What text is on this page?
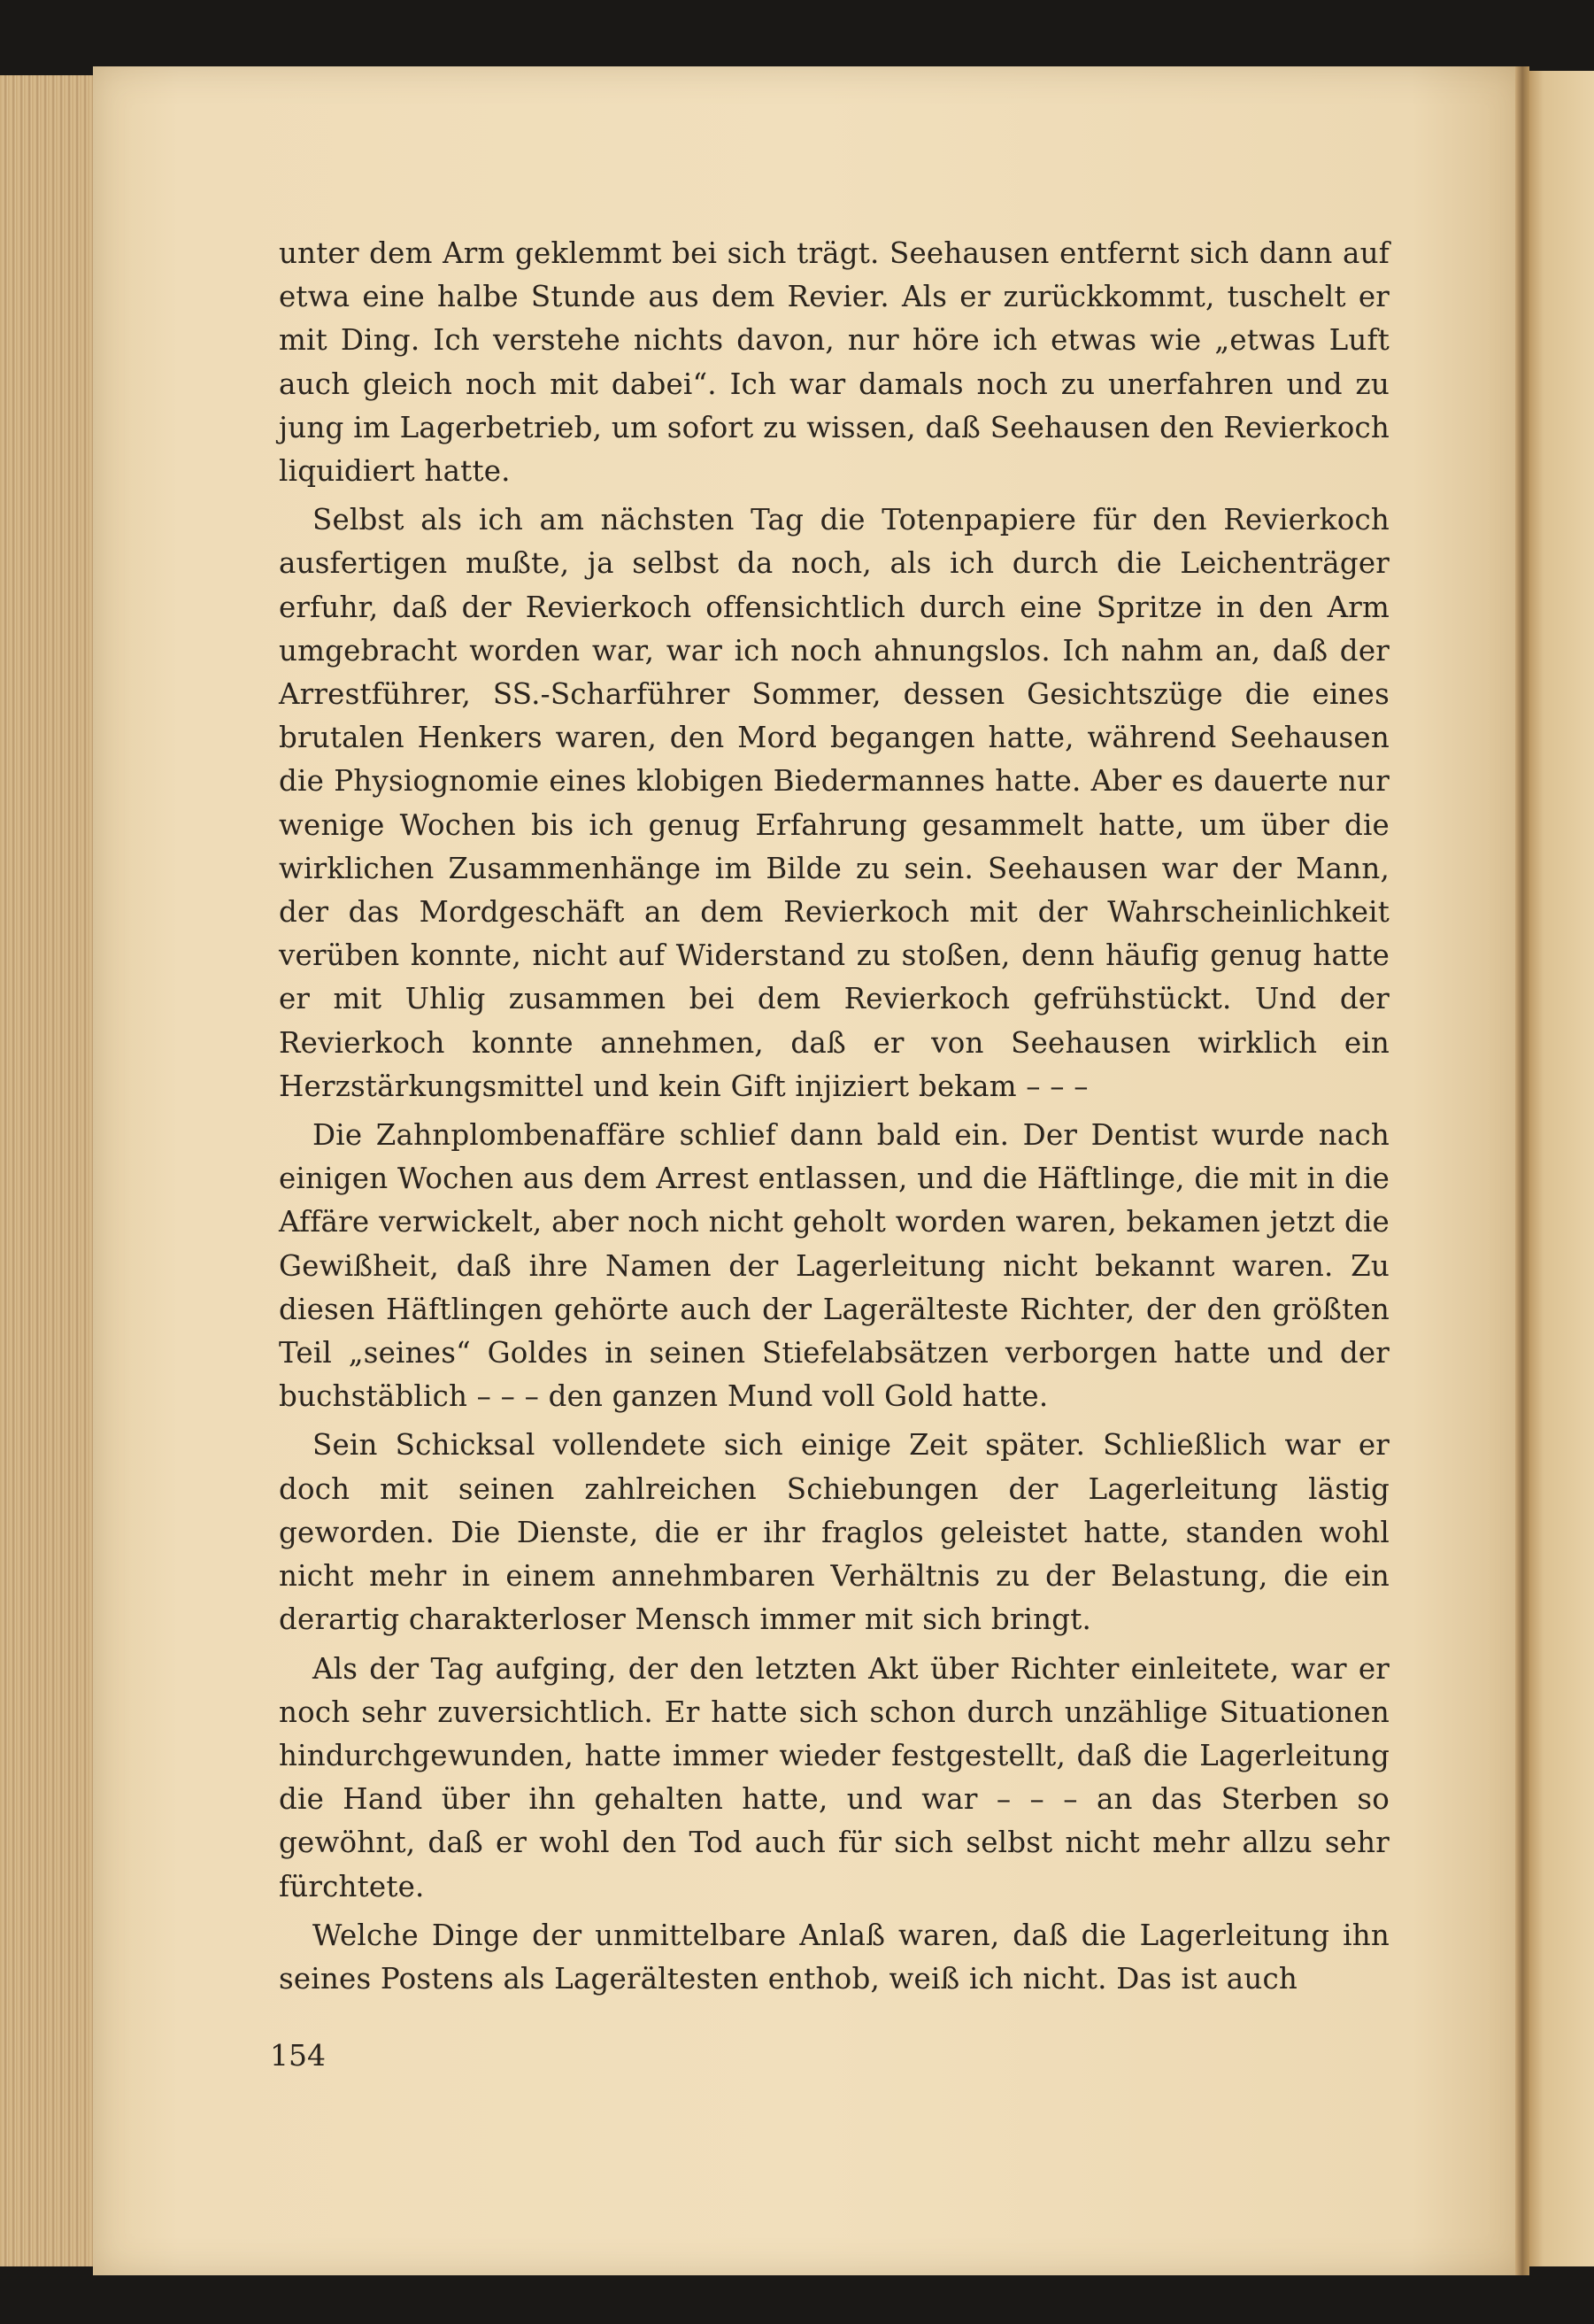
unter dem Arm geklemmt bei sich trägt. Seehausen entfernt sich dann auf etwa eine halbe Stunde aus dem Revier. Als er zurückkommt, tuschelt er mit Ding. Ich verstehe nichts davon, nur höre ich etwas wie „etwas Luft auch gleich noch mit dabei“. Ich war damals noch zu unerfahren und zu jung im Lagerbetrieb, um sofort zu wissen, daß Seehausen den Revierkoch liquidiert hatte.

Selbst als ich am nächsten Tag die Totenpapiere für den Revierkoch ausfertigen mußte, ja selbst da noch, als ich durch die Leichenträger erfuhr, daß der Revierkoch offensichtlich durch eine Spritze in den Arm umgebracht worden war, war ich noch ahnungslos. Ich nahm an, daß der Arrestführer, SS.-Scharführer Sommer, dessen Gesichtszüge die eines brutalen Henkers waren, den Mord begangen hatte, während Seehausen die Physiognomie eines klobigen Biedermannes hatte. Aber es dauerte nur wenige Wochen bis ich genug Erfahrung gesammelt hatte, um über die wirklichen Zusammenhänge im Bilde zu sein. Seehausen war der Mann, der das Mordgeschäft an dem Revierkoch mit der Wahrscheinlichkeit verüben konnte, nicht auf Widerstand zu stoßen, denn häufig genug hatte er mit Uhlig zusammen bei dem Revierkoch gefrühstückt. Und der Revierkoch konnte annehmen, daß er von Seehausen wirklich ein Herzstärkungsmittel und kein Gift injiziert bekam – – –

Die Zahnplombenaffäre schlief dann bald ein. Der Dentist wurde nach einigen Wochen aus dem Arrest entlassen, und die Häftlinge, die mit in die Affäre verwickelt, aber noch nicht geholt worden waren, bekamen jetzt die Gewißheit, daß ihre Namen der Lagerleitung nicht bekannt waren. Zu diesen Häftlingen gehörte auch der Lagerälteste Richter, der den größten Teil „seines“ Goldes in seinen Stiefelabsätzen verborgen hatte und der buchstäblich – – – den ganzen Mund voll Gold hatte.

Sein Schicksal vollendete sich einige Zeit später. Schließlich war er doch mit seinen zahlreichen Schiebungen der Lagerleitung lästig geworden. Die Dienste, die er ihr fraglos geleistet hatte, standen wohl nicht mehr in einem annehmbaren Verhältnis zu der Belastung, die ein derartig charakterloser Mensch immer mit sich bringt.

Als der Tag aufging, der den letzten Akt über Richter einleitete, war er noch sehr zuversichtlich. Er hatte sich schon durch unzählige Situationen hindurchgewunden, hatte immer wieder festgestellt, daß die Lagerleitung die Hand über ihn gehalten hatte, und war – – – an das Sterben so gewöhnt, daß er wohl den Tod auch für sich selbst nicht mehr allzu sehr fürchtete.

Welche Dinge der unmittelbare Anlaß waren, daß die Lagerleitung ihn seines Postens als Lagerältesten enthob, weiß ich nicht. Das ist auch

154
